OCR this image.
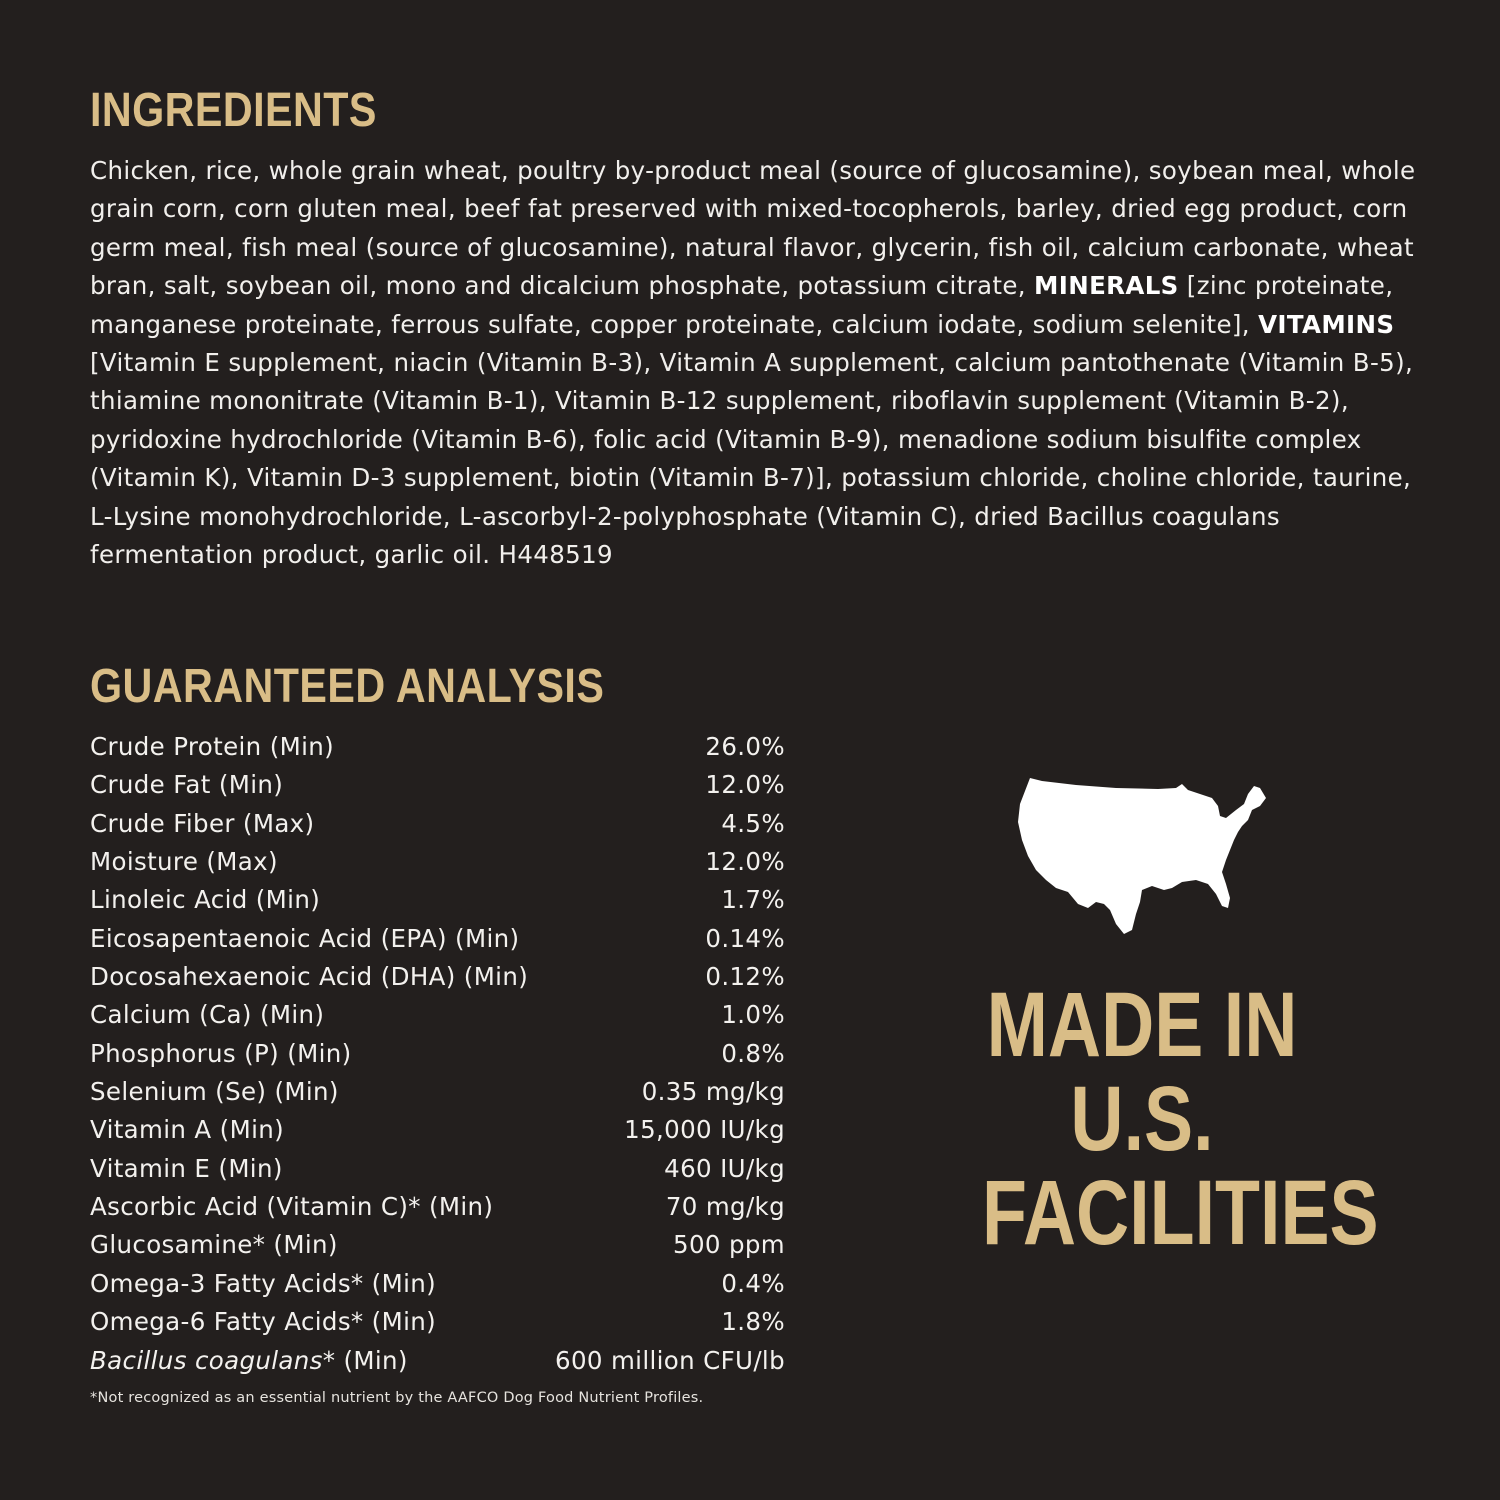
INGREDIENTS

Chicken, rice, whole grain wheat, poultry by-product meal (source of glucosamine), soybean meal, whole grain corn, corn gluten meal, beef fat preserved with mixed-tocopherols, barley, dried egg product, corn germ meal, fish meal (source of glucosamine), natural flavor, glycerin, fish oil, calcium carbonate, wheat bran, salt, soybean oil, mono and dicalcium phosphate, potassium citrate, MINERALS [zinc proteinate, manganese proteinate, ferrous sulfate, copper proteinate, calcium iodate, sodium selenite], VITAMINS [Vitamin E supplement, niacin (Vitamin B-3), Vitamin A supplement, calcium pantothenate (Vitamin B-5), thiamine mononitrate (Vitamin B-1), Vitamin B-12 supplement, riboflavin supplement (Vitamin B-2), pyridoxine hydrochloride (Vitamin B-6), folic acid (Vitamin B-9), menadione sodium bisulfite complex (Vitamin K), Vitamin D-3 supplement, biotin (Vitamin B-7)], potassium chloride, choline chloride, taurine, L-Lysine monohydrochloride, L-ascorbyl-2-polyphosphate (Vitamin C), dried Bacillus coagulans fermentation product, garlic oil. H448519

GUARANTEED ANALYSIS
Crude Protein (Min)	26.0%
Crude Fat (Min)	12.0%
Crude Fiber (Max)	4.5%
Moisture (Max)	12.0%
Linoleic Acid (Min)	1.7%
Eicosapentaenoic Acid (EPA) (Min)	0.14%
Docosahexaenoic Acid (DHA) (Min)	0.12%
Calcium (Ca) (Min)	1.0%
Phosphorus (P) (Min)	0.8%
Selenium (Se) (Min)	0.35 mg/kg
Vitamin A (Min)	15,000 IU/kg
Vitamin E (Min)	460 IU/kg
Ascorbic Acid (Vitamin C)* (Min)	70 mg/kg
Glucosamine* (Min)	500 ppm
Omega-3 Fatty Acids* (Min)	0.4%
Omega-6 Fatty Acids* (Min)	1.8%
Bacillus coagulans* (Min)	600 million CFU/lb

*Not recognized as an essential nutrient by the AAFCO Dog Food Nutrient Profiles.

MADE IN
U.S.
FACILITIES
